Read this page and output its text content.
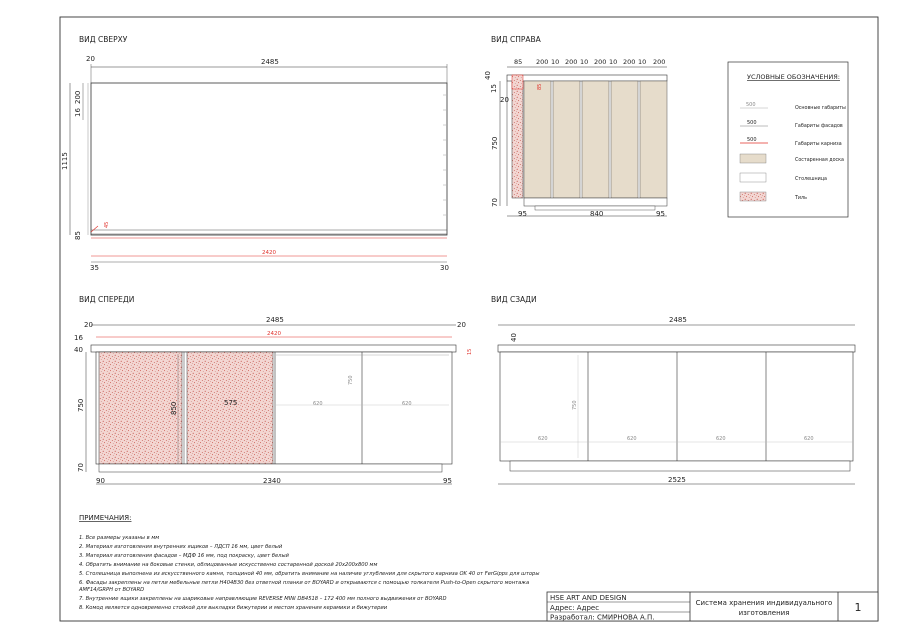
ВИД СВЕРХУ
2485
20
1115
200
16
85
45
2420
35	30
ВИД СПРАВА
85 200 10 200 10 200 10 200 10 200
40
15
20
85
750
70
95	840	95
УСЛОВНЫЕ ОБОЗНАЧЕНИЯ:
500
Основные габариты
500
Габариты фасадов
500
Габариты карниза
Состаренная доска
Столешница
Тиль
ВИД СПЕРЕДИ
2485
20	20
2420
15
16
40
750
70
850	575
750
620	620
90	2340	95
ВИД СЗАДИ
2485
750
620	620	620	620
40
2525
ПРИМЕЧАНИЯ:
1. Все размеры указаны в мм
2. Материал изготовления внутренних ящиков – ЛДСП 16 мм, цвет белый
3. Материал изготовления фасадов – МДФ 16 мм, под покраску, цвет белый
4. Обратить внимание на боковые стенки, облицованные искусственно состаренной доской 20х200х800 мм
5. Столешница выполнена из искусственного камня, толщиной 40 мм, обратить внимание на наличие углубления для скрытого карниза OK 40 от FerGipps для шторы
6. Фасады закреплены на петли мебельные петли H404B30 без ответной планки от BOYARD и открываются с помощью толкателя Push-to-Open скрытого монтажа
AMF14/GRPH от BOYARD
7. Внутренние ящики закреплены на шариковые направляющие REVERSE MINI DB4518 – 172 400 мм полного выдвижения от BOYARD
8. Комод является одновременно стойкой для выкладки бижутерии и местом хранения керамики и бижутерии
HSE ART AND DESIGN
Адрес: Адрес
Разработал: СМИРНОВА А.П.
Система хранения индивидуального
изготовления	1
